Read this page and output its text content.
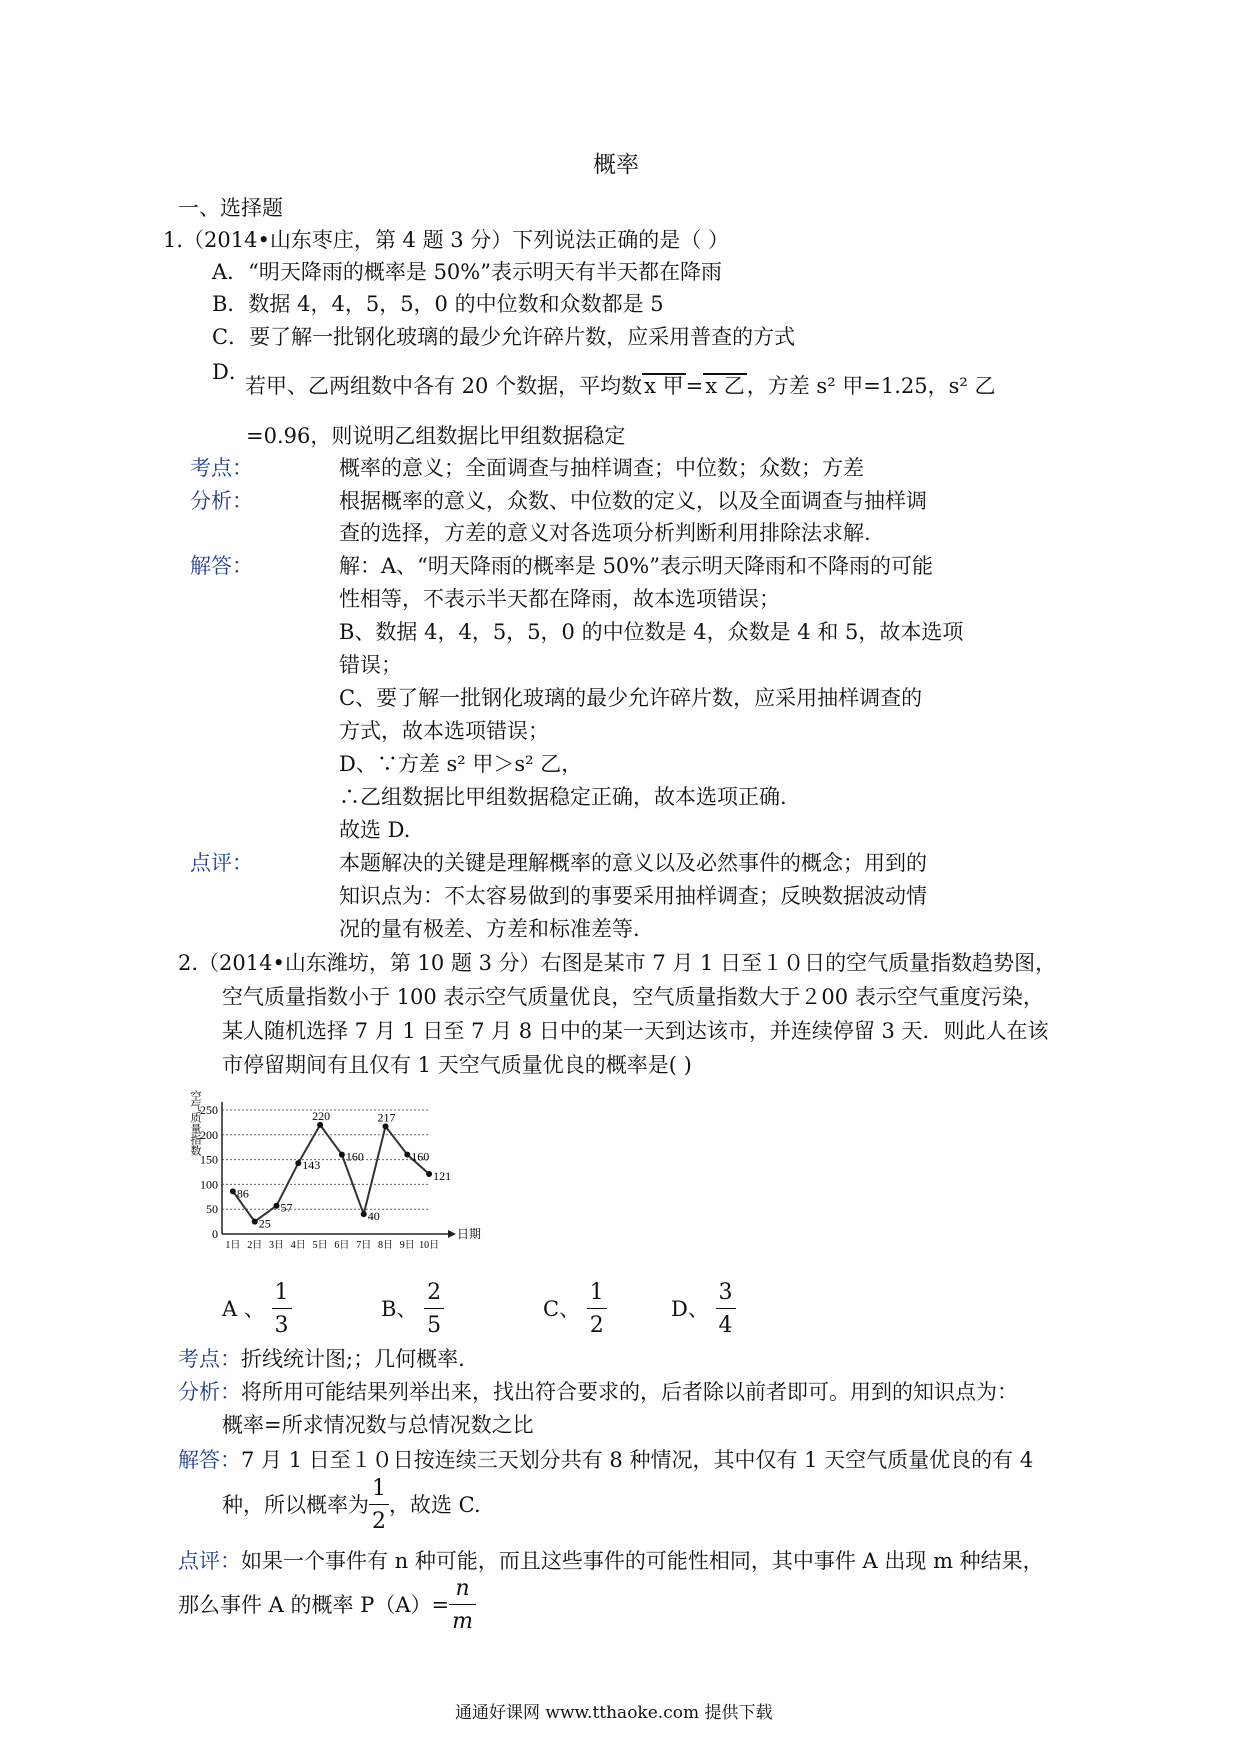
概率
一、选择题
1.（2014•山东枣庄，第 4 题 3 分）下列说法正确的是（ ）
A．“明天降雨的概率是 50%”表示明天有半天都在降雨
B．数据 4，4，5，5，0 的中位数和众数都是 5
C．要了解一批钢化玻璃的最少允许碎片数，应采用普查的方式
D．
若甲、乙两组数中各有 20 个数据，平均数x 甲=x 乙，方差 s² 甲=1.25，s² 乙
=0.96，则说明乙组数据比甲组数据稳定
考点：	概率的意义；全面调查与抽样调查；中位数；众数；方差
分析：	根据概率的意义，众数、中位数的定义，以及全面调查与抽样调
查的选择，方差的意义对各选项分析判断利用排除法求解.
解答：	解：A、“明天降雨的概率是 50%”表示明天降雨和不降雨的可能
性相等，不表示半天都在降雨，故本选项错误；
B、数据 4，4，5，5，0 的中位数是 4，众数是 4 和 5，故本选项
错误；
C、要了解一批钢化玻璃的最少允许碎片数，应采用抽样调查的
方式，故本选项错误；
D、∵方差 s² 甲＞s² 乙，
∴乙组数据比甲组数据稳定正确，故本选项正确.
故选 D.
点评：	本题解决的关键是理解概率的意义以及必然事件的概念；用到的
知识点为：不太容易做到的事要采用抽样调查；反映数据波动情
况的量有极差、方差和标准差等.
2.（2014•山东潍坊，第 10 题 3 分）右图是某市 7 月 1 日至１０日的空气质量指数趋势图，
空气质量指数小于 100 表示空气质量优良，空气质量指数大于２00 表示空气重度污染，
某人随机选择 7 月 1 日至 7 月 8 日中的某一天到达该市，并连续停留 3 天．则此人在该
市停留期间有且仅有 1 天空气质量优良的概率是( )
空气质量指数
日期
0
50
100
150
200
250
1日 2日 3日 4日 5日 6日 7日 8日 9日 10日
86
25
57
143
220
160
40
217
160
121
A 、 $\frac{1}{3}$	B、 $\frac{2}{5}$	C、 $\frac{1}{2}$	D、 $\frac{3}{4}$
考点：折线统计图;；几何概率．
分析：将所用可能结果列举出来，找出符合要求的，后者除以前者即可。用到的知识点为：
概率=所求情况数与总情况数之比
解答：7 月 1 日至１０日按连续三天划分共有 8 种情况，其中仅有 1 天空气质量优良的有 4
种，所以概率为 $\frac{1}{2}$ ，故选 C.
点评：如果一个事件有 n 种可能，而且这些事件的可能性相同，其中事件 A 出现 m 种结果，
那么事件 A 的概率 $P(A)= \frac{n}{m}$
通通好课网 www.tthaoke.com 提供下载
